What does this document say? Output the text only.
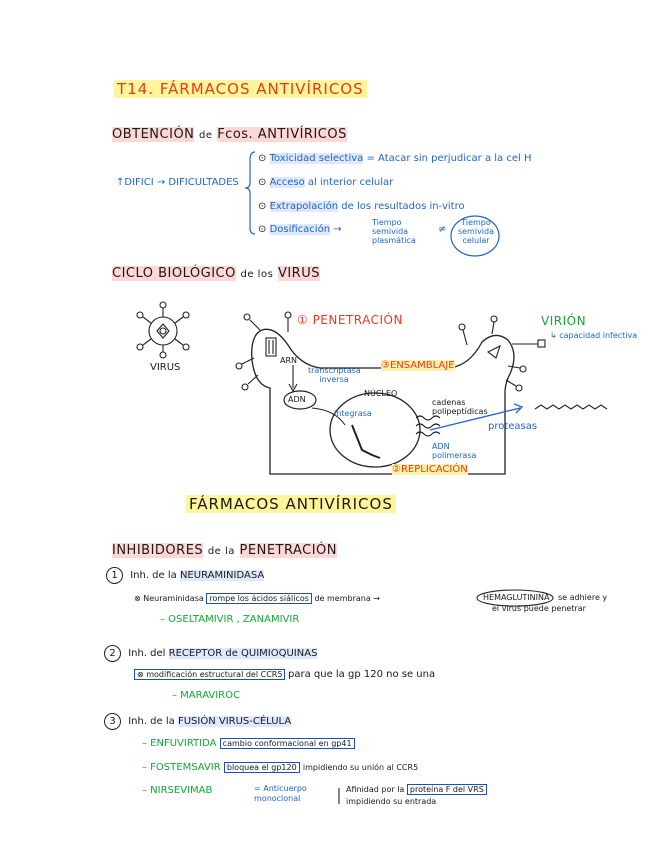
T14. FÁRMACOS ANTIVÍRICOS
OBTENCIÓN de Fcos. ANTIVÍRICOS
↑DIFICI → DIFICULTADES
⊙ Toxicidad selectiva = Atacar sin perjudicar a la cel H
⊙ Acceso al interior celular
⊙ Extrapolación de los resultados in-vitro
⊙ Dosificación →
Tiempo semivida plasmática
≠
Tiempo semivida celular
CICLO BIOLÓGICO de los VIRUS
VIRUS
① PENETRACIÓN	VIRIÓN
↳ capacidad infectiva
ARN
transcriptasa inversa
③ENSAMBLAJE
ADN
NÚCLEO
integrasa
cadenas polipeptídicas
proteasas
ADN polimerasa
②REPLICACIÓN
FÁRMACOS ANTIVÍRICOS
INHIBIDORES de la PENETRACIÓN
1 Inh. de la NEURAMINIDASA
⊗ Neuraminidasa rompe los ácidos siálicos de membrana →	HEMAGLUTININA se adhiere y
el virus puede penetrar
– OSELTAMIVIR , ZANAMIVIR
2 Inh. del RECEPTOR de QUIMIOQUINAS
⊗ modificación estructural del CCR5 para que la gp 120 no se una
– MARAVIROC
3 Inh. de la FUSIÓN VIRUS-CÉLULA
– ENFUVIRTIDA cambio conformacional en gp41
– FOSTEMSAVIR bloquea el gp120 impidiendo su unión al CCR5
– NIRSEVIMAB	= Anticuerpo monoclonal
Afinidad por la proteína F del VRS
impidiendo su entrada
